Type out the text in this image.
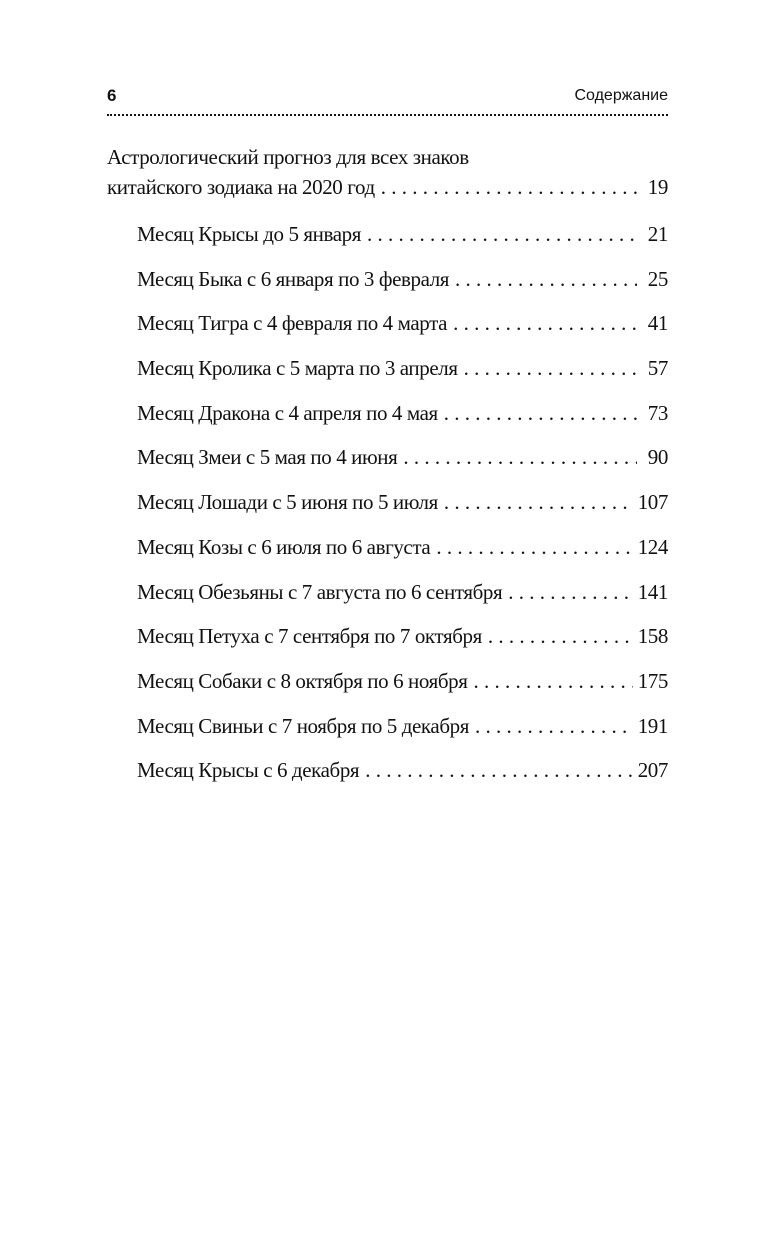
6	Содержание
Астрологический прогноз для всех знаков
китайского зодиака на 2020 год . . .	19
Месяц Крысы до 5 января . . .	21
Месяц Быка с 6 января по 3 февраля . . .	25
Месяц Тигра с 4 февраля по 4 марта . . .	41
Месяц Кролика с 5 марта по 3 апреля . . .	57
Месяц Дракона с 4 апреля по 4 мая . . .	73
Месяц Змеи с 5 мая по 4 июня . . .	90
Месяц Лошади с 5 июня по 5 июля . . .	107
Месяц Козы с 6 июля по 6 августа . . .	124
Месяц Обезьяны с 7 августа по 6 сентября . . .	141
Месяц Петуха с 7 сентября по 7 октября . . .	158
Месяц Собаки с 8 октября по 6 ноября . . .	175
Месяц Свиньи с 7 ноября по 5 декабря . . .	191
Месяц Крысы с 6 декабря . . .	207
